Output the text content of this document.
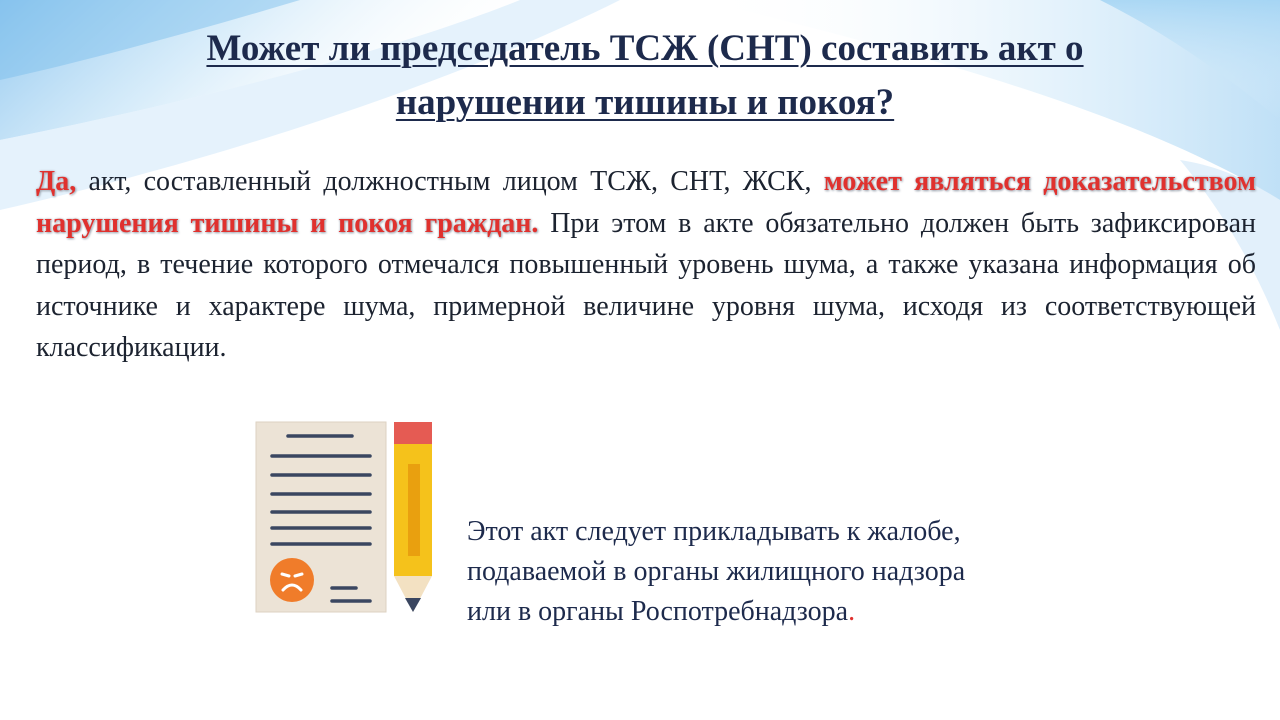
Может ли председатель ТСЖ (СНТ) составить акт о
нарушении тишины и покоя?
Да, акт, составленный должностным лицом ТСЖ, СНТ, ЖСК, может являться доказательством нарушения тишины и покоя граждан. При этом в акте обязательно должен быть зафиксирован период, в течение которого отмечался повышенный уровень шума, а также указана информация об источнике и характере шума, примерной величине уровня шума, исходя из соответствующей классификации.
Этот акт следует прикладывать к жалобе,
подаваемой в органы жилищного надзора
или в органы Роспотребнадзора.
